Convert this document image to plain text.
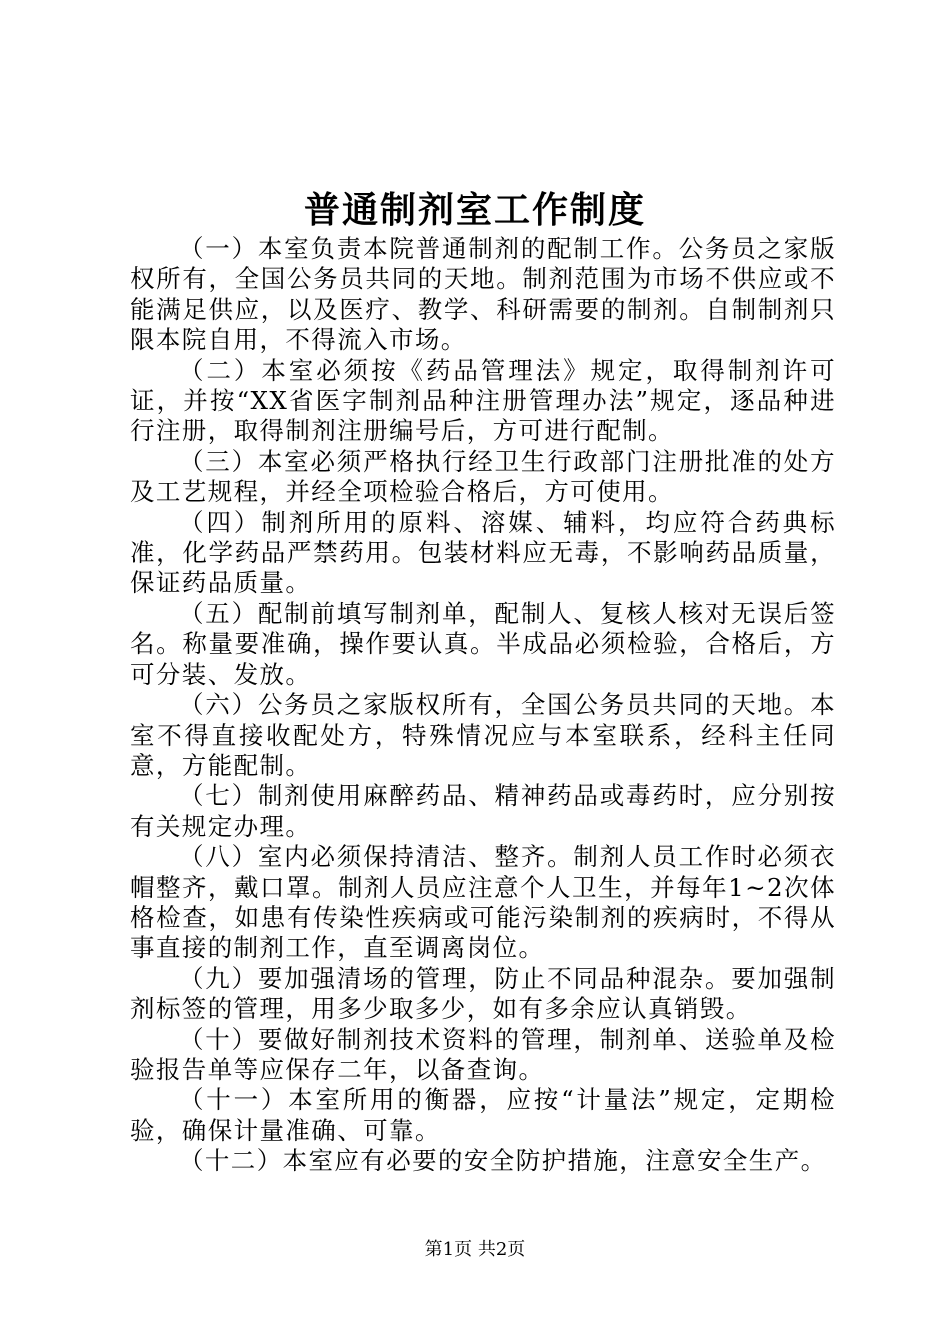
普通制剂室工作制度

（一）本室负责本院普通制剂的配制工作。公务员之家版权所有，全国公务员共同的天地。制剂范围为市场不供应或不能满足供应，以及医疗、教学、科研需要的制剂。自制制剂只限本院自用，不得流入市场。

（二）本室必须按《药品管理法》规定，取得制剂许可证，并按“XX省医字制剂品种注册管理办法”规定，逐品种进行注册，取得制剂注册编号后，方可进行配制。

（三）本室必须严格执行经卫生行政部门注册批准的处方及工艺规程，并经全项检验合格后，方可使用。

（四）制剂所用的原料、溶媒、辅料，均应符合药典标准，化学药品严禁药用。包装材料应无毒，不影响药品质量，保证药品质量。

（五）配制前填写制剂单，配制人、复核人核对无误后签名。称量要准确，操作要认真。半成品必须检验，合格后，方可分装、发放。

（六）公务员之家版权所有，全国公务员共同的天地。本室不得直接收配处方，特殊情况应与本室联系，经科主任同意，方能配制。

（七）制剂使用麻醉药品、精神药品或毒药时，应分别按有关规定办理。

（八）室内必须保持清洁、整齐。制剂人员工作时必须衣帽整齐，戴口罩。制剂人员应注意个人卫生，并每年1~2次体格检查，如患有传染性疾病或可能污染制剂的疾病时，不得从事直接的制剂工作，直至调离岗位。

（九）要加强清场的管理，防止不同品种混杂。要加强制剂标签的管理，用多少取多少，如有多余应认真销毁。

（十）要做好制剂技术资料的管理，制剂单、送验单及检验报告单等应保存二年，以备查询。

（十一）本室所用的衡器，应按“计量法”规定，定期检验，确保计量准确、可靠。

（十二）本室应有必要的安全防护措施，注意安全生产。

第1页 共2页
